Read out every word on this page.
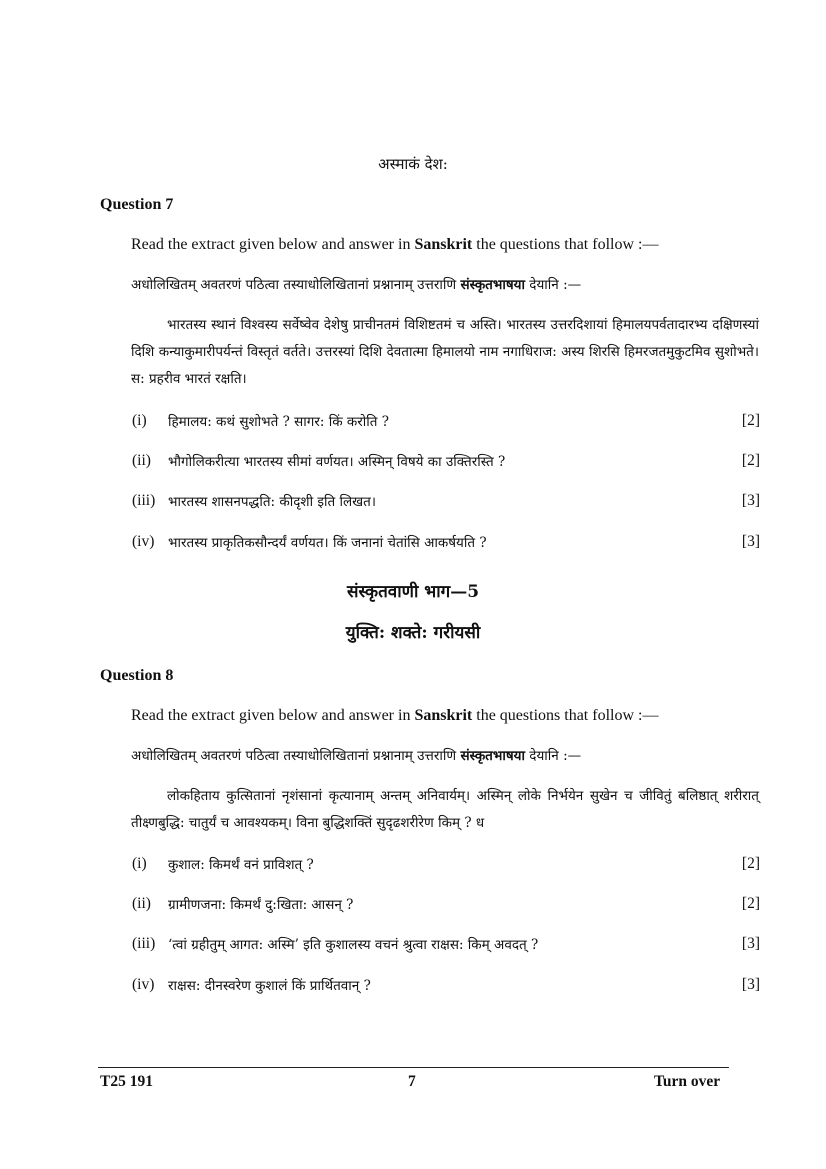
अस्माकं देश:
Question 7
Read the extract given below and answer in Sanskrit the questions that follow :—
अधोलिखितम् अवतरणं पठित्वा तस्याधोलिखितानां प्रश्नानाम् उत्तराणि संस्कृतभाषया देयानि :—
भारतस्य स्थानं विश्वस्य सर्वेष्वेव देशेषु प्राचीनतमं विशिष्टतमं च अस्ति। भारतस्य उत्तरदिशायां हिमालयपर्वतादारभ्य दक्षिणस्यां दिशि कन्याकुमारीपर्यन्तं विस्तृतं वर्तते। उत्तरस्यां दिशि देवतात्मा हिमालयो नाम नगाधिराज: अस्य शिरसि हिमरजतमुकुटमिव सुशोभते। स: प्रहरीव भारतं रक्षति।
(i) हिमालय: कथं सुशोभते ? सागर: किं करोति ?	[2]
(ii) भौगोलिकरीत्या भारतस्य सीमां वर्णयत। अस्मिन् विषये का उक्तिरस्ति ?	[2]
(iii) भारतस्य शासनपद्धति: कीदृशी इति लिखत।	[3]
(iv) भारतस्य प्राकृतिकसौन्दर्यं वर्णयत। किं जनानां चेतांसि आकर्षयति ?	[3]
संस्कृतवाणी भाग—5
युक्ति: शक्ते: गरीयसी
Question 8
Read the extract given below and answer in Sanskrit the questions that follow :—
अधोलिखितम् अवतरणं पठित्वा तस्याधोलिखितानां प्रश्नानाम् उत्तराणि संस्कृतभाषया देयानि :—
लोकहिताय कुत्सितानां नृशंसानां कृत्यानाम् अन्तम् अनिवार्यम्। अस्मिन् लोके निर्भयेन सुखेन च जीवितुं बलिष्ठात् शरीरात् तीक्ष्णबुद्धि: चातुर्यं च आवश्यकम्। विना बुद्धिशक्तिं सुदृढशरीरेण किम् ? ध
(i) कुशाल: किमर्थं वनं प्राविशत् ?	[2]
(ii) ग्रामीणजना: किमर्थं दु:खिता: आसन् ?	[2]
(iii) ‘त्वां ग्रहीतुम् आगत: अस्मि’ इति कुशालस्य वचनं श्रुत्वा राक्षस: किम् अवदत् ?	[3]
(iv) राक्षस: दीनस्वरेण कुशालं किं प्रार्थितवान् ?	[3]
T25 191	7	Turn over
